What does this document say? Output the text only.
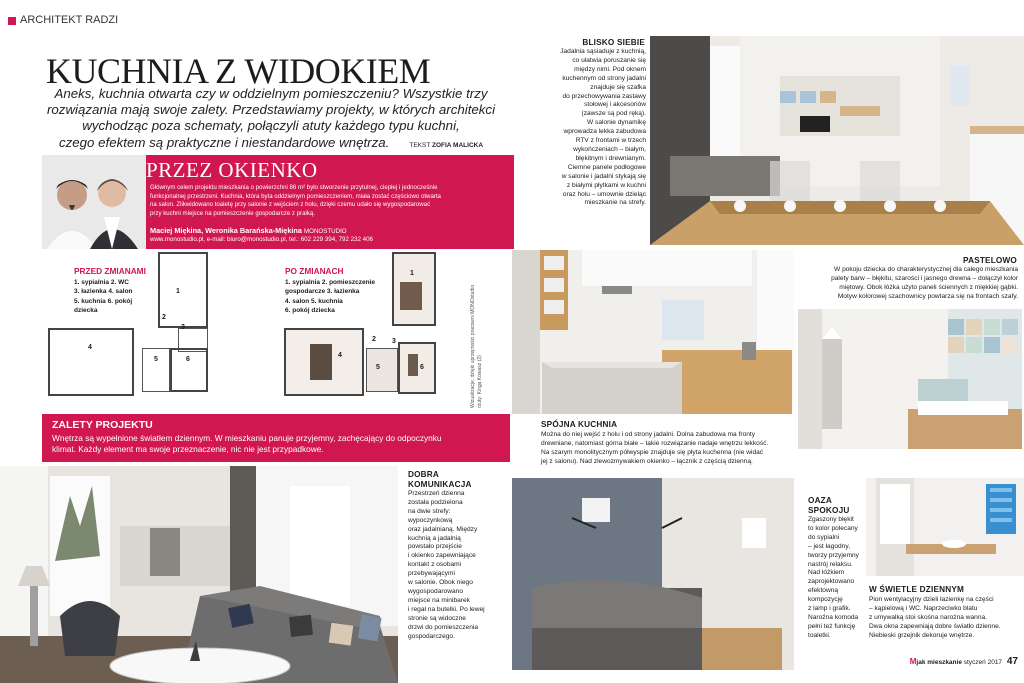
ARCHITEKT RADZI
KUCHNIA Z WIDOKIEM
Aneks, kuchnia otwarta czy w oddzielnym pomieszczeniu? Wszystkie trzy
rozwiązania mają swoje zalety. Przedstawiamy projekty, w których architekci
wychodząc poza schematy, połączyli atuty każdego typu kuchni,
czego efektem są praktyczne i niestandardowe wnętrza.	TEKST ZOFIA MALICKA
PRZEZ OKIENKO
Głównym celem projektu mieszkania o powierzchni 86 m² było stworzenie przytulnej, ciepłej i jednocześnie
funkcjonalnej przestrzeni. Kuchnia, która byta oddzielnym pomieszczeniem, miała zostać częściowo otwarta
na salon. Zlikwidowano toaletę przy salonie z wejściem z holu, dzięki czemu udało się wygospodarować
przy kuchni miejsce na pomieszczenie gospodarcze z pralką.
Maciej Miękina, Weronika Barańska-Miękina MONOSTUDIO
www.monostudio.pl, e-mail: biuro@monostudio.pl, tel.: 602 229 394, 792 232 406
PRZED ZMIANAMI
1. sypialnia 2. WC
3. łazienka 4. salon
5. kuchnia 6. pokój
dziecka
1
2
3
4
5	6
PO ZMIANACH
1. sypialnia 2. pomieszczenie
gospodarcze 3. łazienka
4. salon 5. kuchnia
6. pokój dziecka
1
2 3
4
5	6	Wizualizacje: dzięki uprzejmości pracowni MONOstudio rzuty: Kinga Kowasz (2)
ZALETY PROJEKTU
Wnętrza są wypełnione światłem dziennym. W mieszkaniu panuje przyjemny, zachęcający do odpoczynku
klimat. Każdy element ma swoje przeznaczenie, nic nie jest przypadkowe.
DOBRA
KOMUNIKACJA
Przestrzeń dzienna
została podzielona
na dwie strefy:
wypoczynkową
oraz jadalnianą. Między
kuchnią a jadalnią
powstało przejście
i okienko zapewniające
kontakt z osobami
przebywającymi
w salonie. Obok niego
wygospodarowano
miejsce na minibarek
i regał na butelki. Po lewej
stronie są widoczne
drzwi do pomieszczenia
gospodarczego.
BLISKO SIEBIE
Jadalnia sąsiaduje z kuchnią,
co ułatwia poruszanie się
między nimi. Pod oknem
kuchennym od strony jadalni
znajduje się szafka
do przechowywania zastawy
stołowej i akcesoriów
(zawsze są pod ręką).
W salonie dynamikę
wprowadza lekka zabudowa
RTV z frontami w trzech
wykończeniach – białym,
błękitnym i drewnianym.
Ciemne panele podłogowe
w salonie i jadalni stykają się
z białymi płytkami w kuchni
oraz holu – umownie dzieląc
mieszkanie na strefy.
PASTELOWO
W pokoju dziecka do charakterystycznej dla całego mieszkania
palety barw – błękitu, szarości i jasnego drewna – dołączył kolor
miętowy. Obok łóżka użyto paneli ściennych z miękkiej gąbki.
Motyw kolorowej szachownicy powtarza się na frontach szafy.
SPÓJNA KUCHNIA
Można do niej wejść z holu i od strony jadalni. Dolna zabudowa ma fronty
drewniane, natomiast górna białe – takie rozwiązanie nadaje wnętrzu lekkość.
Na szarym monolitycznym półwyspie znajduje się płyta kuchenna (nie widać
jej z salonu). Nad zlewozmywakiem okienko – łącznik z częścią dzienną.
OAZA
SPOKOJU
Zgaszony błękit
to kolor polecany
do sypialni
– jest łagodny,
tworzy przyjemny
nastrój relaksu.
Nad łóżkiem
zaprojektowano
efektowną
kompozycję
z lamp i grafik.
Naroźna komoda
pełni też funkcję
toaletki.
W ŚWIETLE DZIENNYM
Pion wentylacyjny dzieli łazienkę na części
– kąpielową i WC. Naprzeciwko blatu
z umywalką stoi skośna narożna wanna.
Dwa okna zapewniają dobre światło dzienne.
Niebieski grzejnik dekoruje wnętrze.
Mjak mieszkanie styczeń 2017 47
